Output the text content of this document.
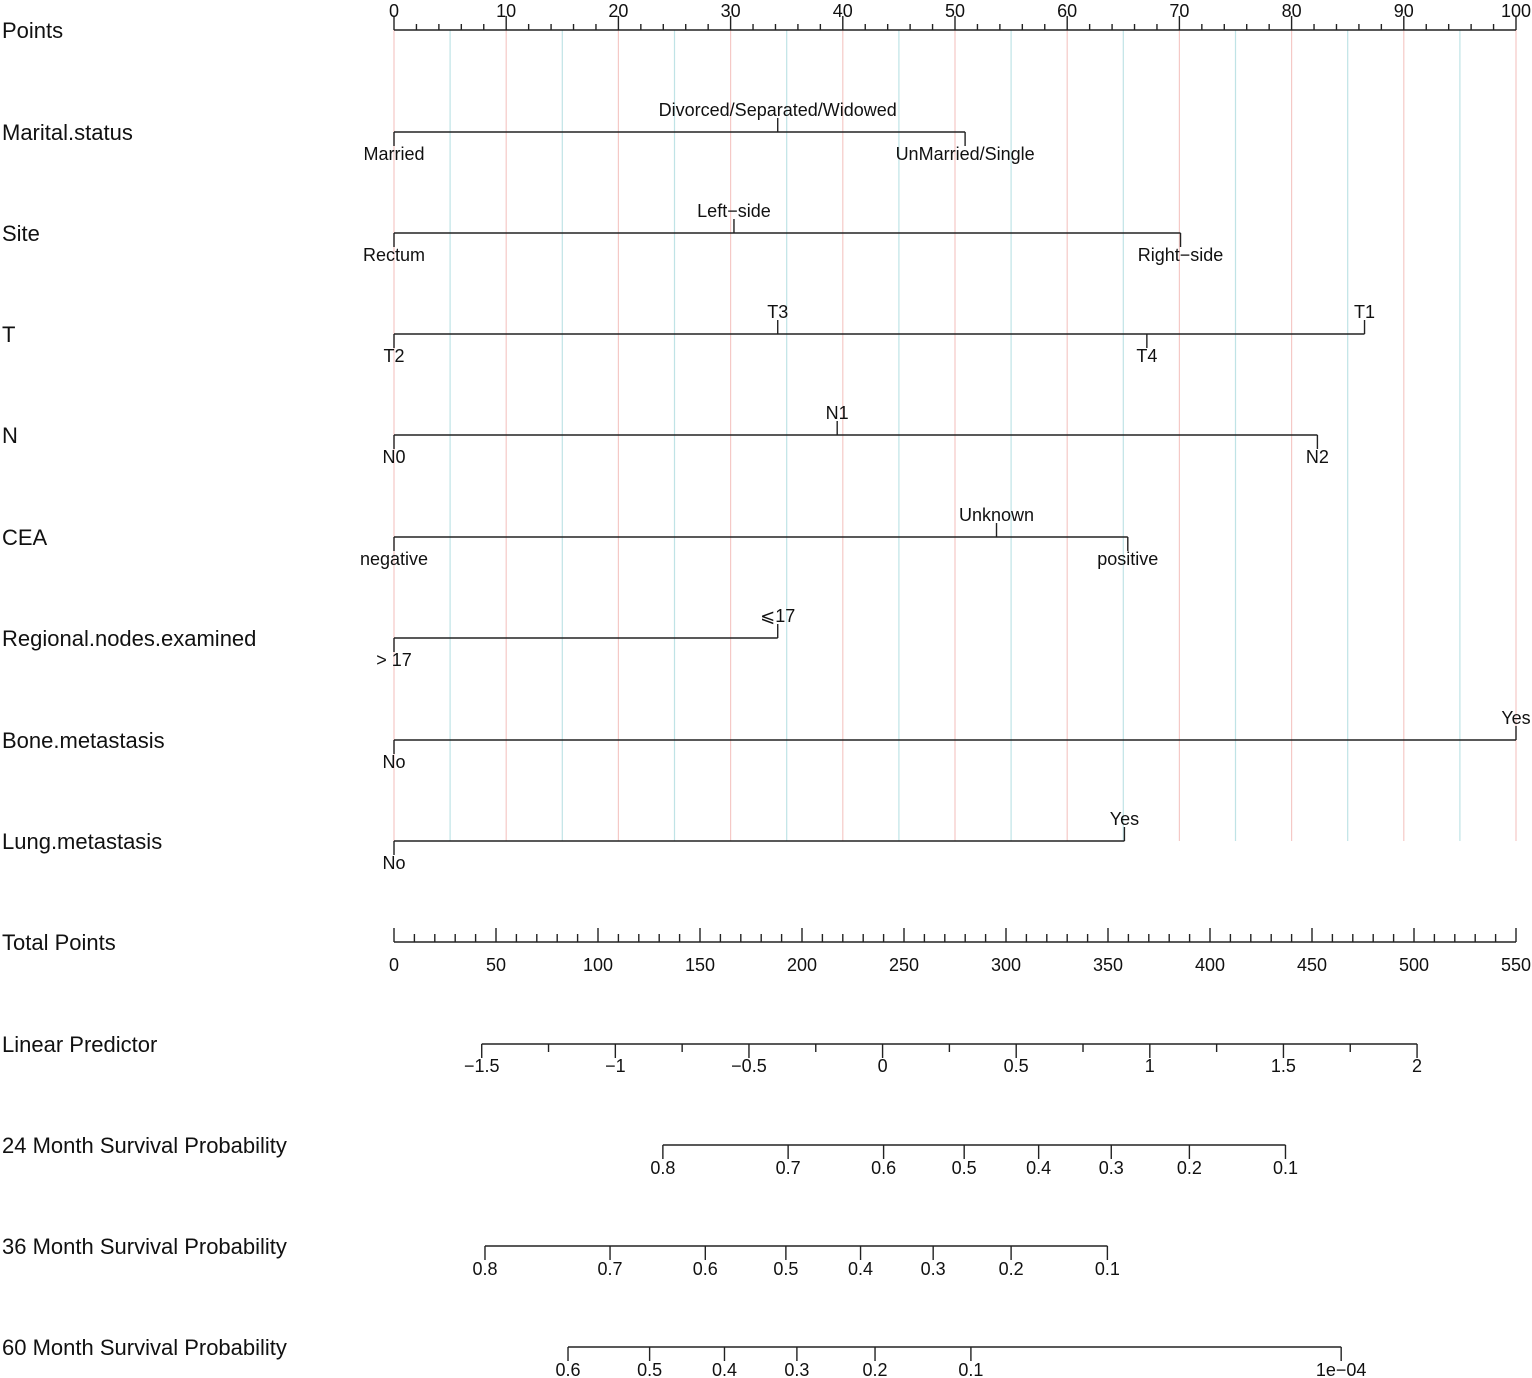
Points
0	10	20	30	40	50	60	70	80	90	100
Marital.status
Married
Divorced/Separated/Widowed
UnMarried/Single
Site
Rectum
Left−side
Right−side
T
T2
T3
T4
T1
N
N0
N1
N2
CEA
negative
Unknown
positive
Regional.nodes.examined
> 17
⩽17
Bone.metastasis
No
Yes
Lung.metastasis
No
Yes
Total Points
0	50	100	150	200	250	300	350	400	450	500	550
Linear Predictor
−1.5	−1	−0.5	0	0.5	1	1.5	2
24 Month Survival Probability
0.8	0.7	0.6	0.5	0.4	0.3	0.2	0.1
36 Month Survival Probability
0.8	0.7	0.6	0.5	0.4	0.3	0.2	0.1
60 Month Survival Probability
0.6	0.5	0.4	0.3	0.2	0.1	1e−04
